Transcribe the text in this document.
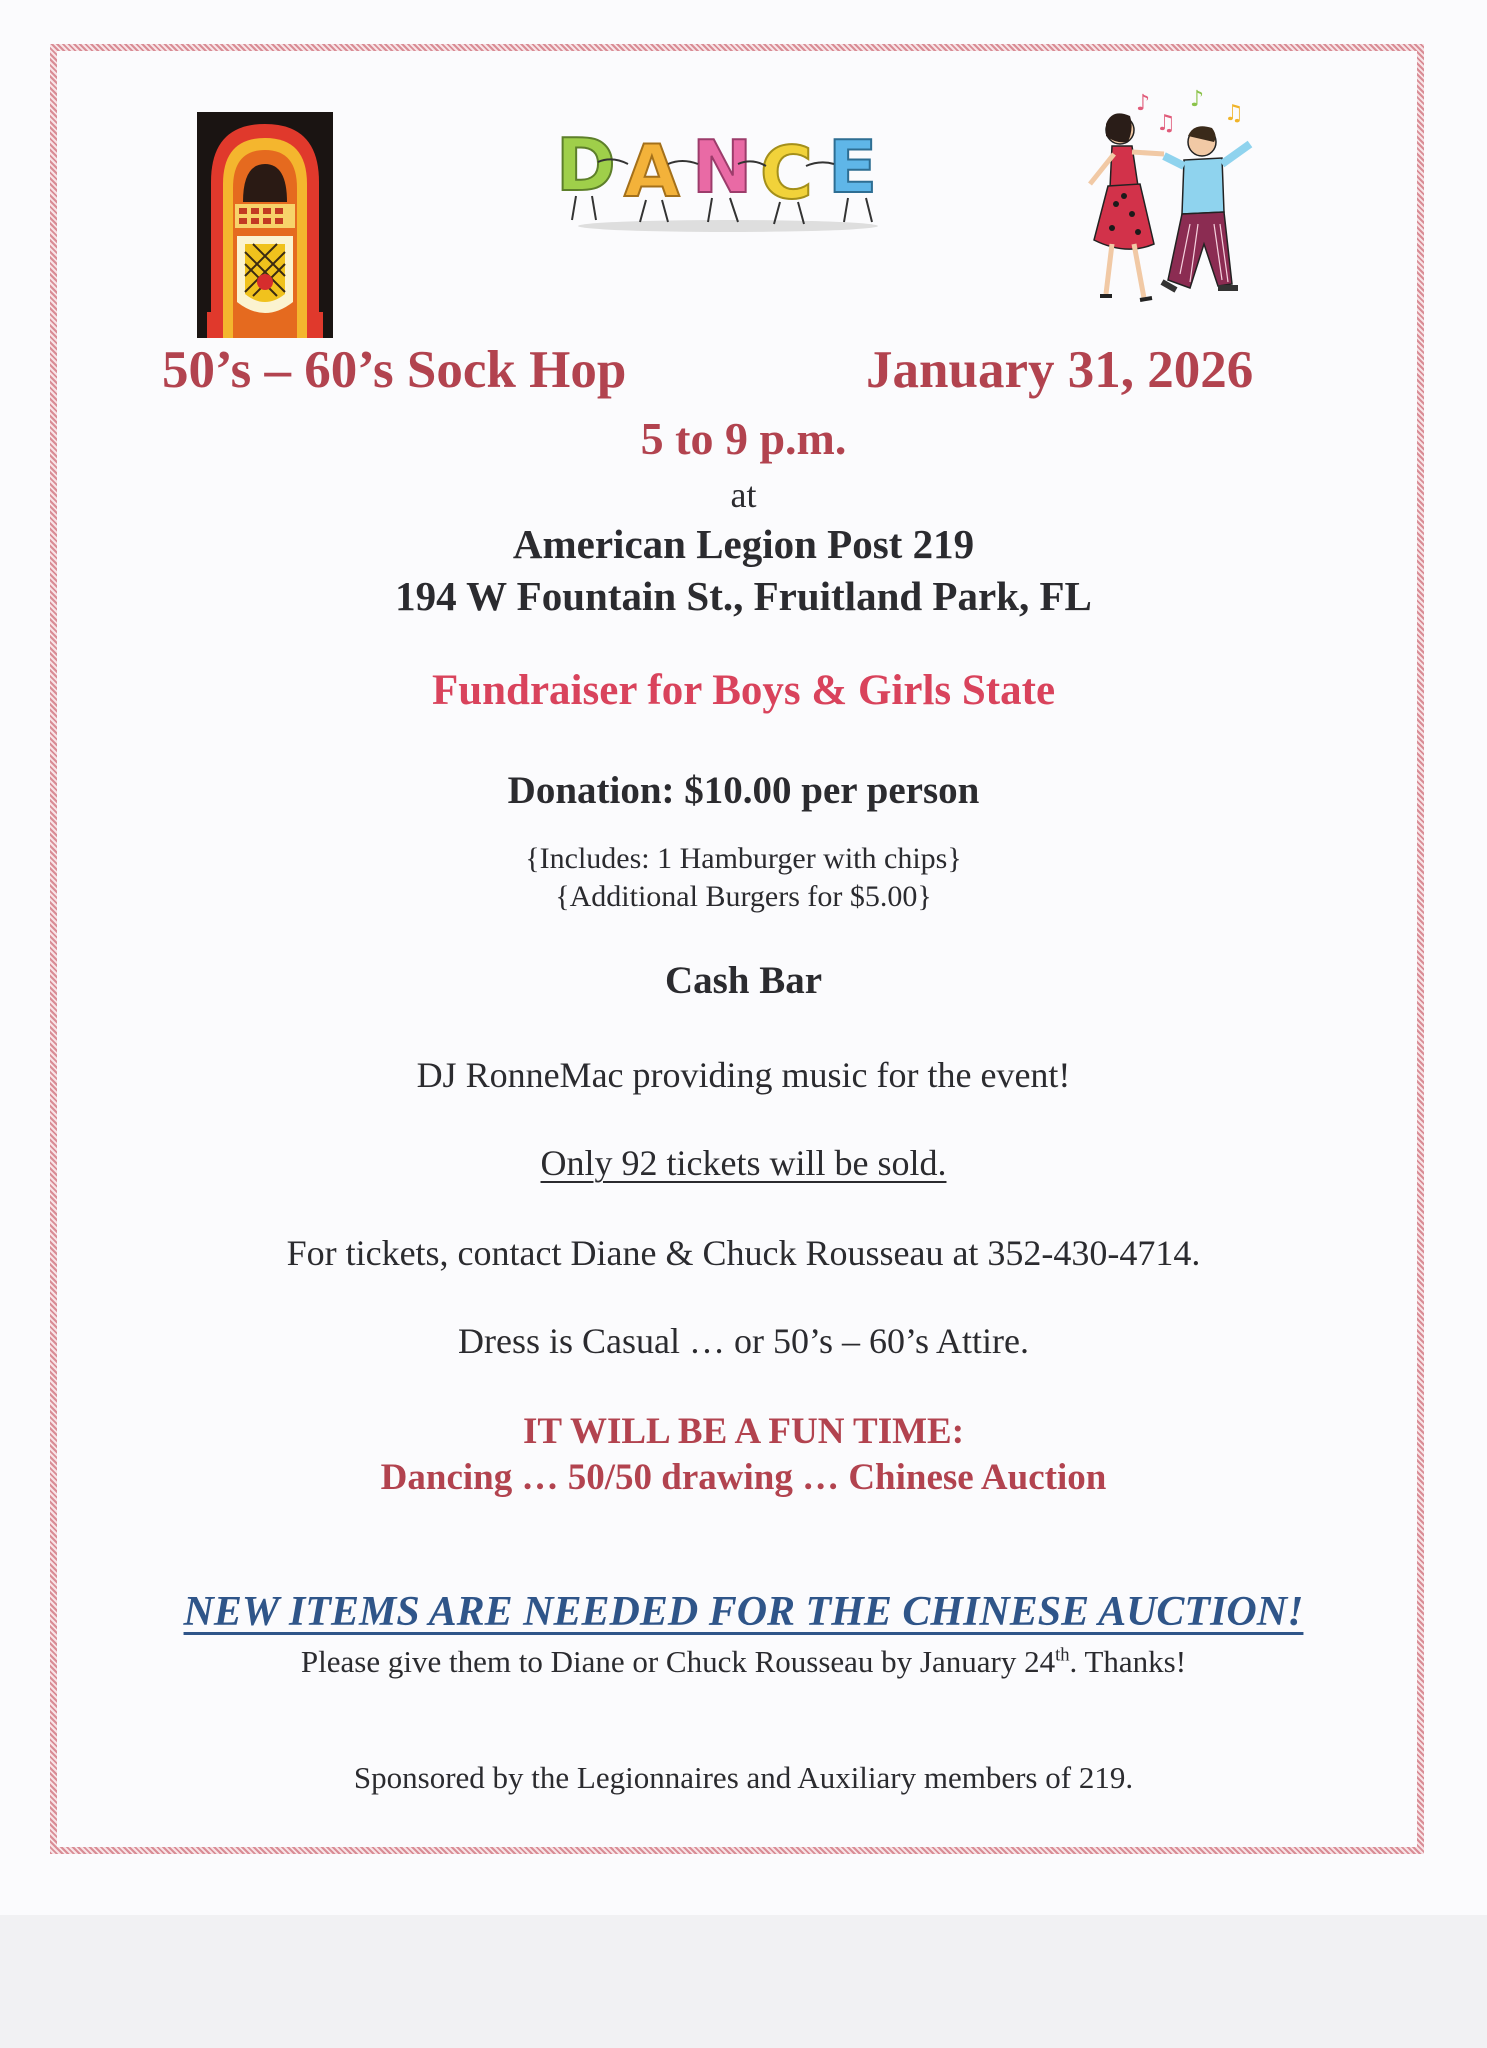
D A N C E
♪ ♪
♫
♫
50’s – 60’s Sock Hop	January 31, 2026
5 to 9 p.m.
at
American Legion Post 219
194 W Fountain St., Fruitland Park, FL
Fundraiser for Boys & Girls State
Donation: $10.00 per person
{Includes: 1 Hamburger with chips}
{Additional Burgers for $5.00}
Cash Bar
DJ RonneMac providing music for the event!
Only 92 tickets will be sold.
For tickets, contact Diane & Chuck Rousseau at 352-430-4714.
Dress is Casual … or 50’s – 60’s Attire.
IT WILL BE A FUN TIME:
Dancing … 50/50 drawing … Chinese Auction
NEW ITEMS ARE NEEDED FOR THE CHINESE AUCTION!
Please give them to Diane or Chuck Rousseau by January 24th. Thanks!
Sponsored by the Legionnaires and Auxiliary members of 219.
